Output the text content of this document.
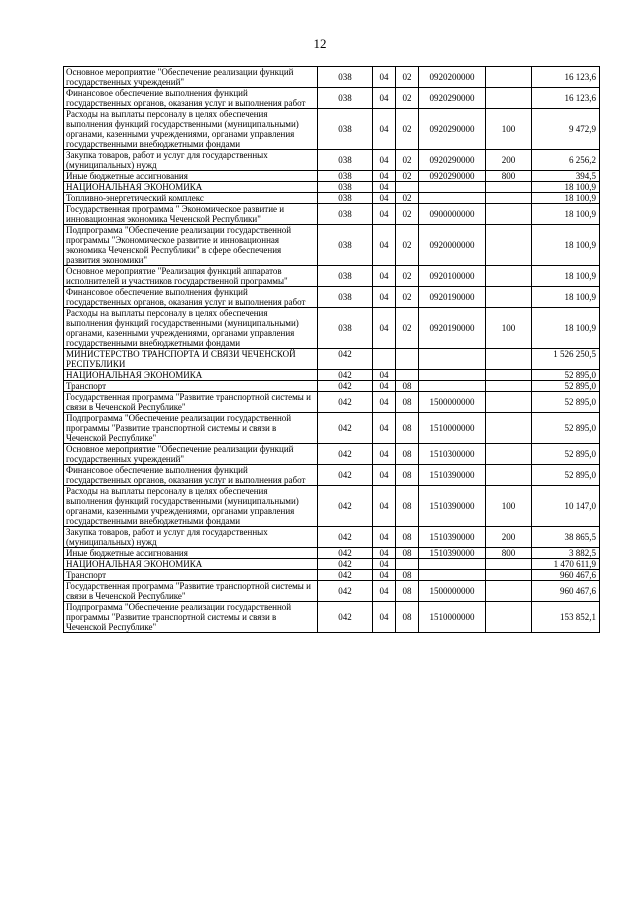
12
Основное мероприятие "Обеспечение реализации функций государственных учреждений"	038	04	02	0920200000		16 123,6
Финансовое обеспечение выполнения функций государственных органов, оказания услуг и выполнения работ	038	04	02	0920290000		16 123,6
Расходы на выплаты персоналу в целях обеспечения выполнения функций государственными (муниципальными) органами, казенными учреждениями, органами управления государственными внебюджетными фондами	038	04	02	0920290000	100	9 472,9
Закупка товаров, работ и услуг для государственных (муниципальных) нужд	038	04	02	0920290000	200	6 256,2
Иные бюджетные ассигнования	038	04	02	0920290000	800	394,5
НАЦИОНАЛЬНАЯ ЭКОНОМИКА	038	04				18 100,9
Топливно-энергетический комплекс	038	04	02			18 100,9
Государственная программа " Экономическое развитие и инновационная экономика Чеченской Республики"	038	04	02	0900000000		18 100,9
Подпрограмма "Обеспечение реализации государственной программы "Экономическое развитие и инновационная экономика Чеченской Республики" в сфере обеспечения развития экономики"	038	04	02	0920000000		18 100,9
Основное мероприятие "Реализация функций аппаратов исполнителей и участников государственной программы"	038	04	02	0920100000		18 100,9
Финансовое обеспечение выполнения функций государственных органов, оказания услуг и выполнения работ	038	04	02	0920190000		18 100,9
Расходы на выплаты персоналу в целях обеспечения выполнения функций государственными (муниципальными) органами, казенными учреждениями, органами управления государственными внебюджетными фондами	038	04	02	0920190000	100	18 100,9
МИНИСТЕРСТВО ТРАНСПОРТА И СВЯЗИ ЧЕЧЕНСКОЙ РЕСПУБЛИКИ	042					1 526 250,5
НАЦИОНАЛЬНАЯ ЭКОНОМИКА	042	04				52 895,0
Транспорт	042	04	08			52 895,0
Государственная программа "Развитие транспортной системы и связи в Чеченской Республике"	042	04	08	1500000000		52 895,0
Подпрограмма "Обеспечение реализации государственной программы "Развитие транспортной системы и связи в Чеченской Республике"	042	04	08	1510000000		52 895,0
Основное мероприятие "Обеспечение реализации функций государственных учреждений"	042	04	08	1510300000		52 895,0
Финансовое обеспечение выполнения функций государственных органов, оказания услуг и выполнения работ	042	04	08	1510390000		52 895,0
Расходы на выплаты персоналу в целях обеспечения выполнения функций государственными (муниципальными) органами, казенными учреждениями, органами управления государственными внебюджетными фондами	042	04	08	1510390000	100	10 147,0
Закупка товаров, работ и услуг для государственных (муниципальных) нужд	042	04	08	1510390000	200	38 865,5
Иные бюджетные ассигнования	042	04	08	1510390000	800	3 882,5
НАЦИОНАЛЬНАЯ ЭКОНОМИКА	042	04				1 470 611,9
Транспорт	042	04	08			960 467,6
Государственная программа "Развитие транспортной системы и связи в Чеченской Республике"	042	04	08	1500000000		960 467,6
Подпрограмма "Обеспечение реализации государственной программы "Развитие транспортной системы и связи в Чеченской Республике"	042	04	08	1510000000		153 852,1
